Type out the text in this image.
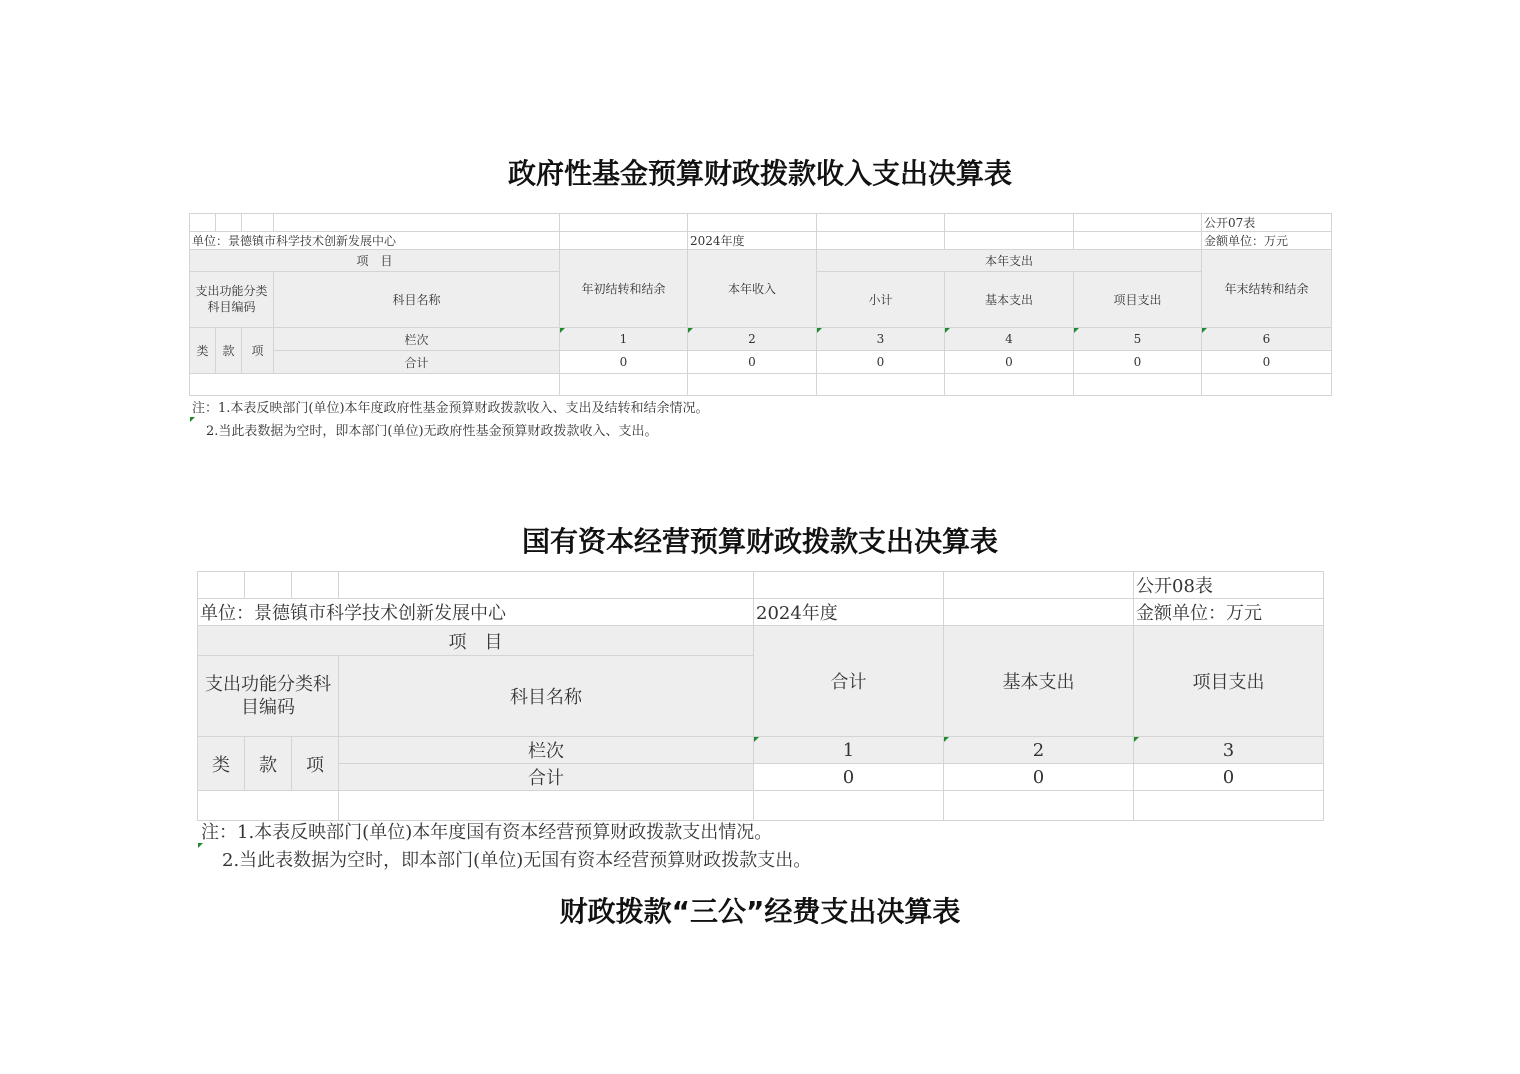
政府性基金预算财政拨款收入支出决算表
									公开07表
单位：景德镇市科学技术创新发展中心					2024年度				金额单位：万元
项　目				年初结转和结余	本年收入	本年支出			年末结转和结余
支出功能分类科目编码			科目名称			小计	基本支出	项目支出	
类	款	项	栏次	1	2	3	4	5	6
			合计	0	0	0	0	0	0

注：1.本表反映部门(单位)本年度政府性基金预算财政拨款收入、支出及结转和结余情况。
2.当此表数据为空时，即本部门(单位)无政府性基金预算财政拨款收入、支出。
国有资本经营预算财政拨款支出决算表
						公开08表
单位：景德镇市科学技术创新发展中心				2024年度		金额单位：万元
项　目				合计	基本支出	项目支出
支出功能分类科目编码			科目名称			
类	款	项	栏次	1	2	3
			合计	0	0	0

注：1.本表反映部门(单位)本年度国有资本经营预算财政拨款支出情况。
2.当此表数据为空时，即本部门(单位)无国有资本经营预算财政拨款支出。
财政拨款“三公”经费支出决算表
